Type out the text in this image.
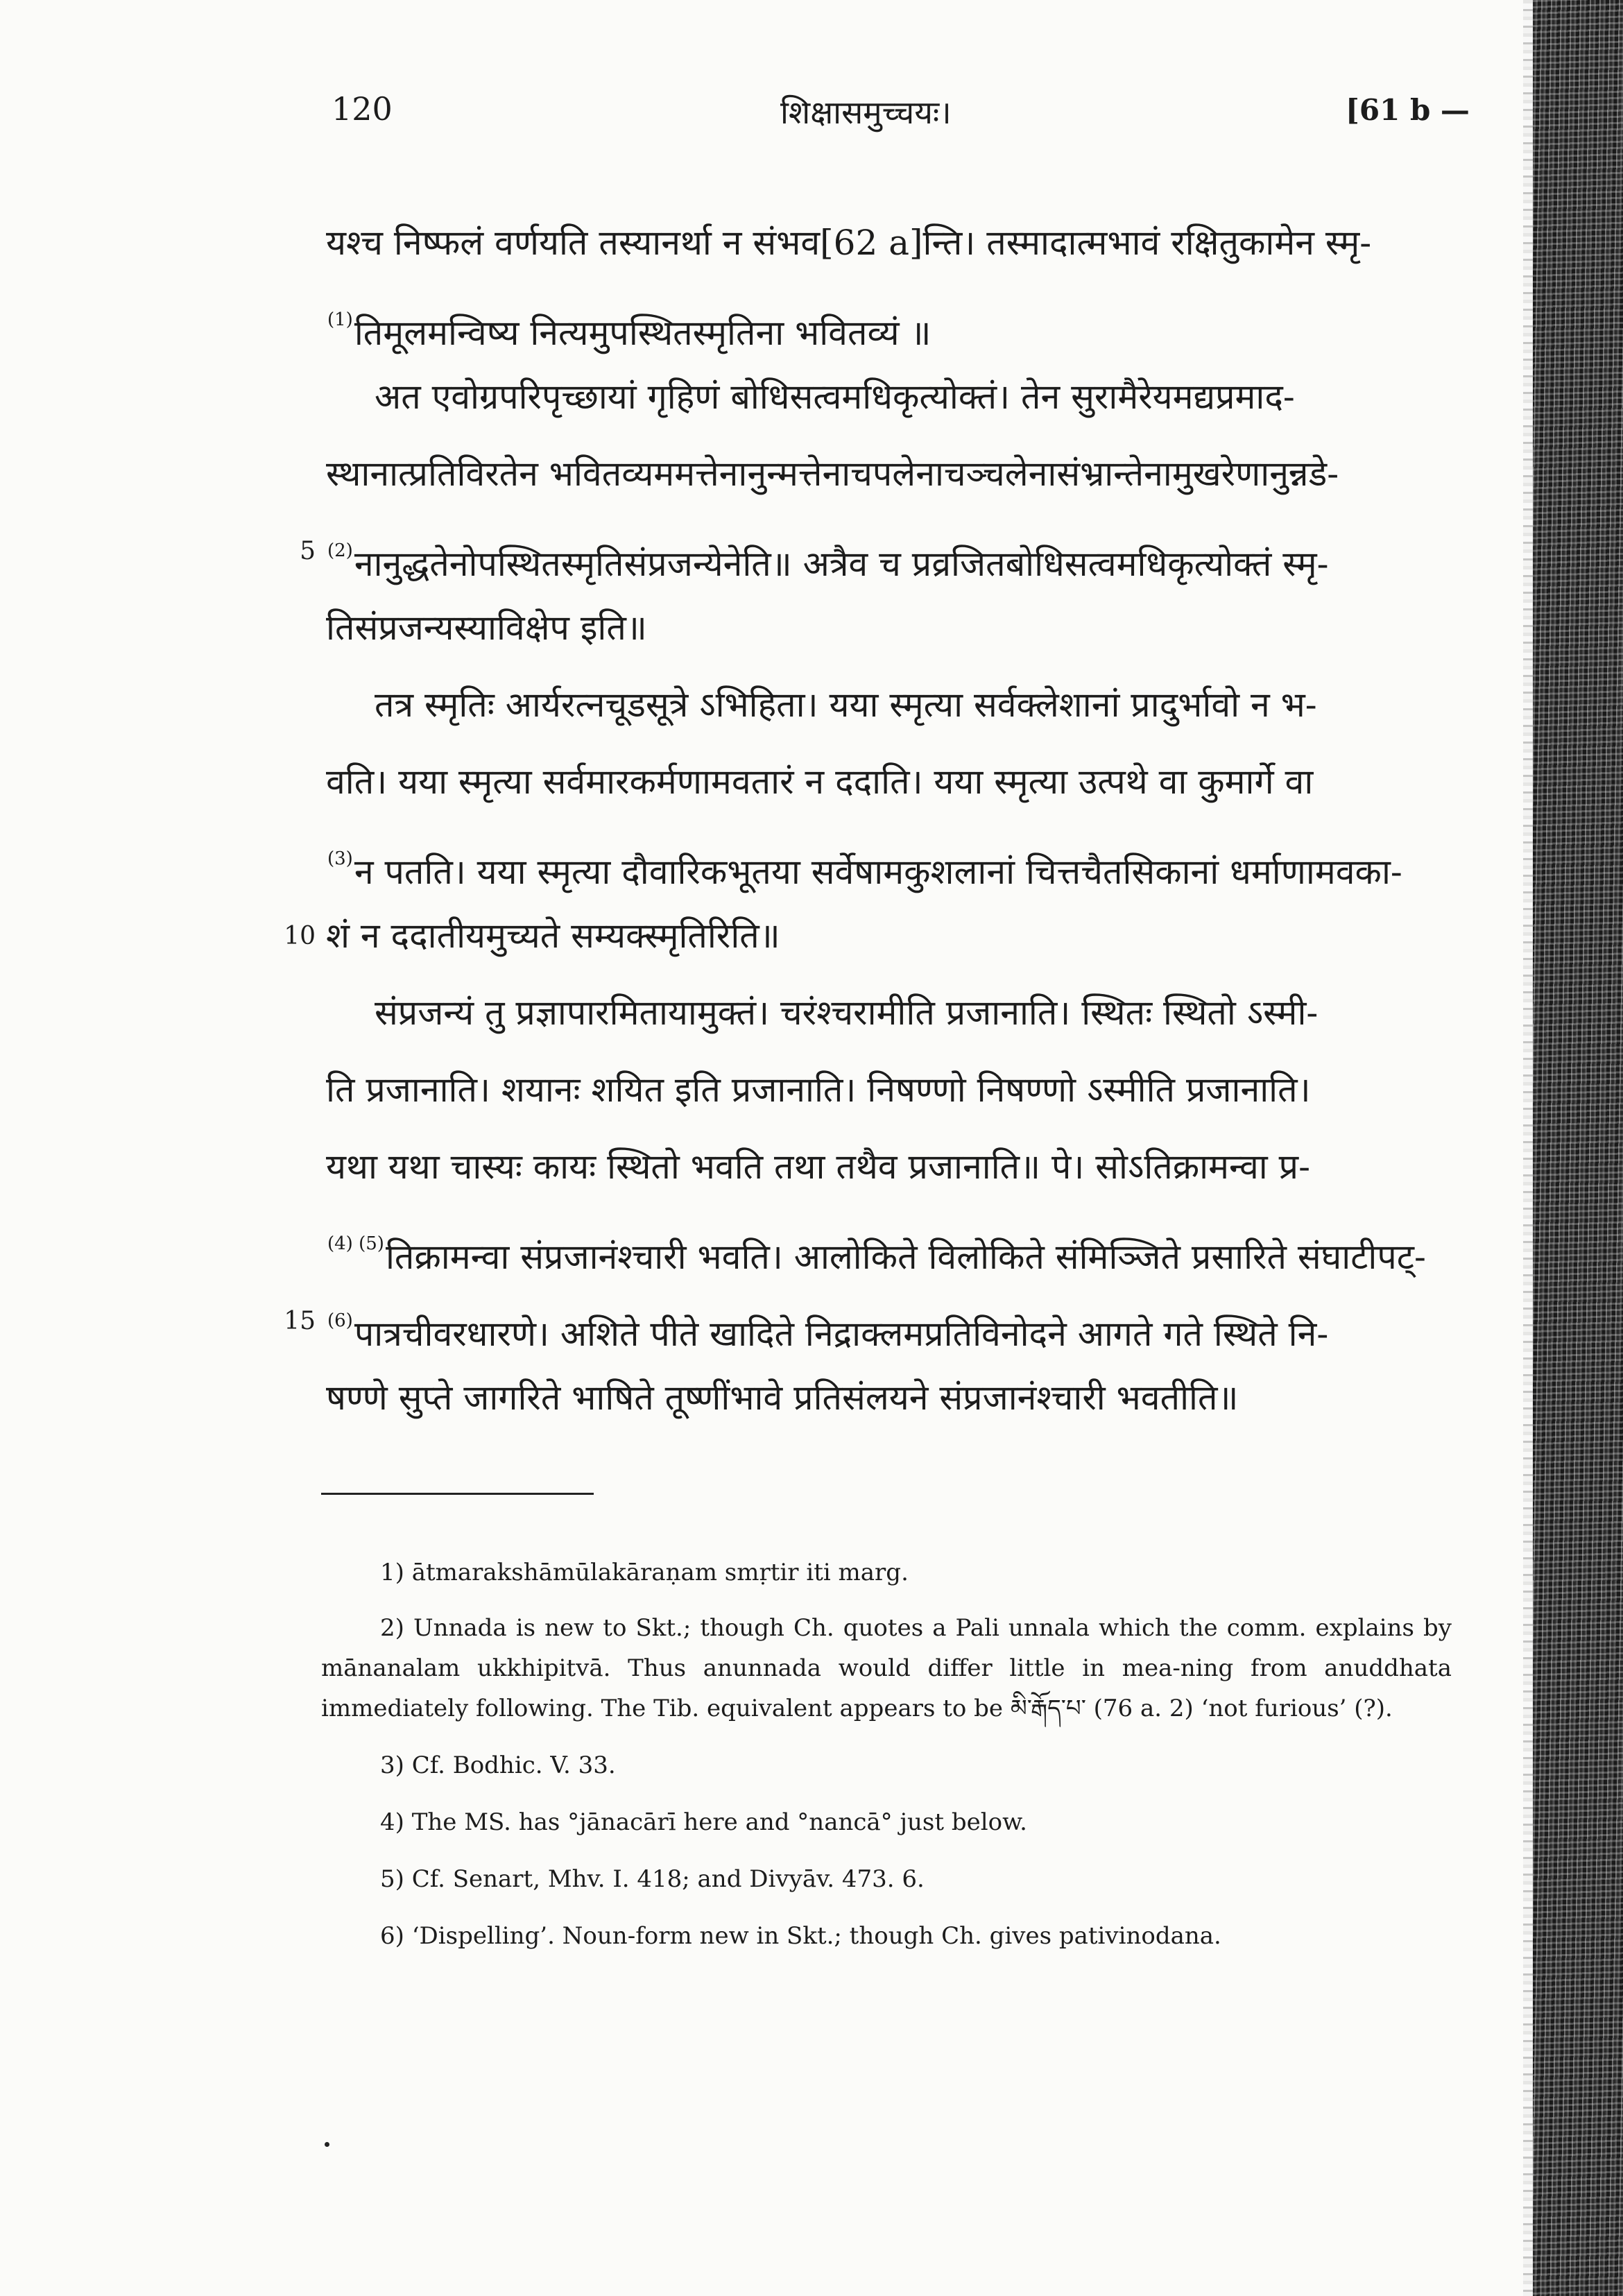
120	शिक्षासमुच्चयः।	[61 b —
यश्च निष्फलं वर्णयति तस्यानर्था न संभव[62 a]न्ति। तस्मादात्मभावं रक्षितुकामेन स्मृ-
$^{(1)}$तिमूलमन्विष्य नित्यमुपस्थितस्मृतिना भवितव्यं ॥
अत एवोग्रपरिपृच्छायां गृहिणं बोधिसत्वमधिकृत्योक्तं। तेन सुरामैरेयमद्यप्रमाद-
स्थानात्प्रतिविरतेन भवितव्यममत्तेनानुन्मत्तेनाचपलेनाचञ्चलेनासंभ्रान्तेनामुखरेणानुन्नडे-
5 $^{(2)}$नानुद्धतेनोपस्थितस्मृतिसंप्रजन्येनेति॥ अत्रैव च प्रव्रजितबोधिसत्वमधिकृत्योक्तं स्मृ-
तिसंप्रजन्यस्याविक्षेप इति॥
तत्र स्मृतिः आर्यरत्नचूडसूत्रे ऽभिहिता। यया स्मृत्या सर्वक्लेशानां प्रादुर्भावो न भ-
वति। यया स्मृत्या सर्वमारकर्मणामवतारं न ददाति। यया स्मृत्या उत्पथे वा कुमार्गे वा
$^{(3)}$न पतति। यया स्मृत्या दौवारिकभूतया सर्वेषामकुशलानां चित्तचैतसिकानां धर्माणामवका-
10 शं न ददातीयमुच्यते सम्यक्स्मृतिरिति॥
संप्रजन्यं तु प्रज्ञापारमितायामुक्तं। चरंश्चरामीति प्रजानाति। स्थितः स्थितो ऽस्मी-
ति प्रजानाति। शयानः शयित इति प्रजानाति। निषण्णो निषण्णो ऽस्मीति प्रजानाति।
यथा यथा चास्यः कायः स्थितो भवति तथा तथैव प्रजानाति॥ पे। सोऽतिक्रामन्वा प्र-
$^{(4) (5)}$तिक्रामन्वा संप्रजानंश्चारी भवति। आलोकिते विलोकिते संमिञ्जिते प्रसारिते संघाटीपट्-
15 $^{(6)}$पात्रचीवरधारणे। अशिते पीते खादिते निद्राक्लमप्रतिविनोदने आगते गते स्थिते नि-
षण्णे सुप्ते जागरिते भाषिते तूष्णींभावे प्रतिसंलयने संप्रजानंश्चारी भवतीति॥

1) ātmarakshāmūlakāraṇam smṛtir iti marg.

2) Unnada is new to Skt.; though Ch. quotes a Pali unnala which the comm. explains by mānanalam ukkhipitvā. Thus anunnada would differ little in mea-ning from anuddhata immediately following. The Tib. equivalent appears to be མི་རྒོད་པ་ (76 a. 2) ‘not furious’ (?).

3) Cf. Bodhic. V. 33.

4) The MS. has °jānacārī here and °nancā° just below.

5) Cf. Senart, Mhv. I. 418; and Divyāv. 473. 6.

6) ‘Dispelling’. Noun-form new in Skt.; though Ch. gives pativinodana.
